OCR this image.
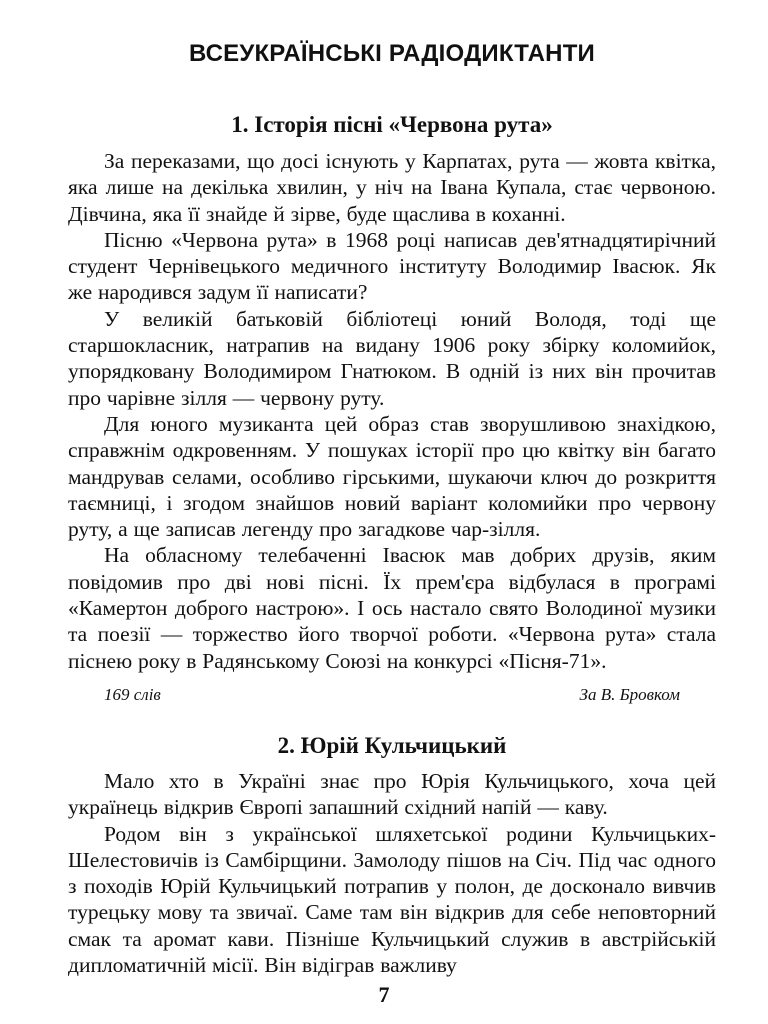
ВСЕУКРАЇНСЬКІ РАДІОДИКТАНТИ
1. Історія пісні «Червона рута»

За переказами, що досі існують у Карпатах, рута — жовта квітка, яка лише на декілька хвилин, у ніч на Івана Купала, стає червоною. Дівчина, яка її знайде й зірве, буде щаслива в коханні.

Пісню «Червона рута» в 1968 році написав дев'ятнадцятирічний студент Чернівецького медичного інституту Володимир Івасюк. Як же народився задум її написати?

У великій батьковій бібліотеці юний Володя, тоді ще старшокласник, натрапив на видану 1906 року збірку коломийок, упорядковану Володимиром Гнатюком. В одній із них він прочитав про чарівне зілля — червону руту.

Для юного музиканта цей образ став зворушливою знахідкою, справжнім одкровенням. У пошуках історії про цю квітку він багато мандрував селами, особливо гірськими, шукаючи ключ до розкриття таємниці, і згодом знайшов новий варіант коломийки про червону руту, а ще записав легенду про загадкове чар-зілля.

На обласному телебаченні Івасюк мав добрих друзів, яким повідомив про дві нові пісні. Їх прем'єра відбулася в програмі «Камертон доброго настрою». І ось настало свято Володиної музики та поезії — торжество його творчої роботи. «Червона рута» стала піснею року в Радянському Союзі на конкурсі «Пісня-71».

169 слів	За В. Бровком
2. Юрій Кульчицький

Мало хто в Україні знає про Юрія Кульчицького, хоча цей українець відкрив Європі запашний східний напій — каву.

Родом він з української шляхетської родини Кульчицьких-Шелестовичів із Самбірщини. Замолоду пішов на Січ. Під час одного з походів Юрій Кульчицький потрапив у полон, де досконало вивчив турецьку мову та звичаї. Саме там він відкрив для себе неповторний смак та аромат кави. Пізніше Кульчицький служив в австрійській дипломатичній місії. Він відіграв важливу

7
